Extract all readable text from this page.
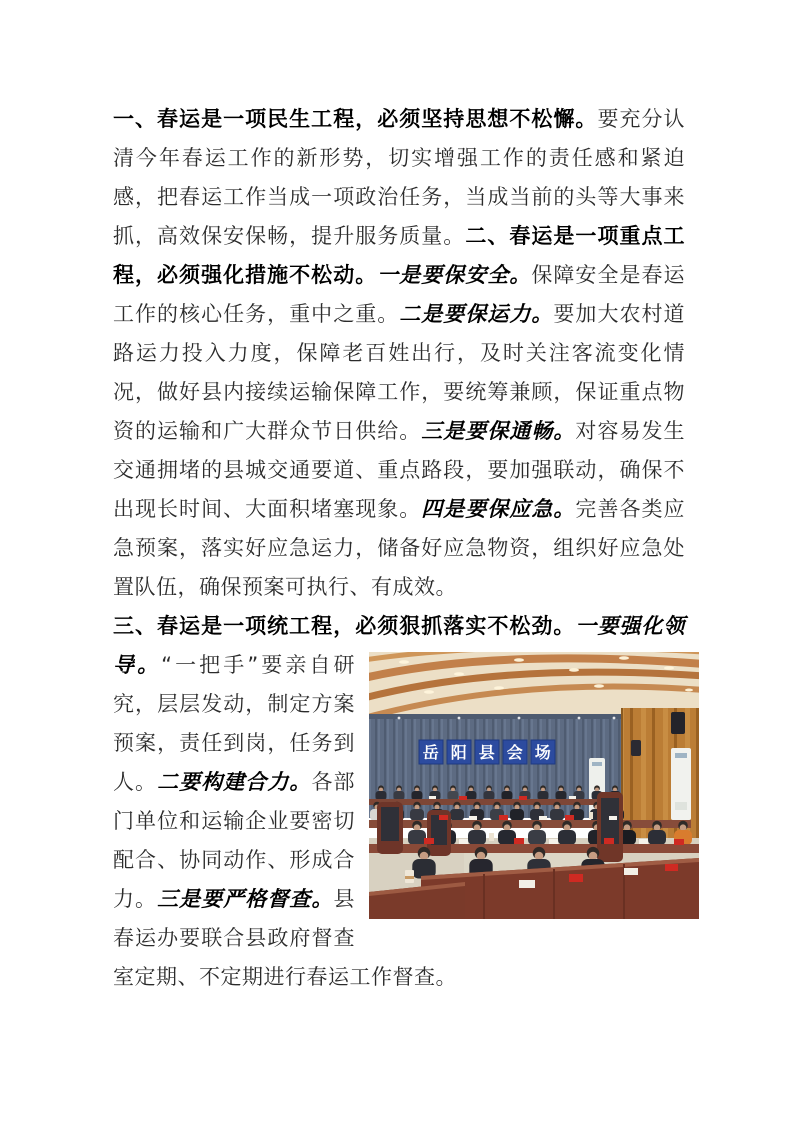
一、春运是一项民生工程，必须坚持思想不松懈。要充分认清今年春运工作的新形势，切实增强工作的责任感和紧迫感，把春运工作当成一项政治任务，当成当前的头等大事来抓，高效保安保畅，提升服务质量。二、春运是一项重点工程，必须强化措施不松动。一是要保安全。保障安全是春运工作的核心任务，重中之重。二是要保运力。要加大农村道路运力投入力度，保障老百姓出行，及时关注客流变化情况，做好县内接续运输保障工作，要统筹兼顾，保证重点物资的运输和广大群众节日供给。三是要保通畅。对容易发生交通拥堵的县城交通要道、重点路段，要加强联动，确保不出现长时间、大面积堵塞现象。四是要保应急。完善各类应急预案，落实好应急运力，储备好应急物资，组织好应急处置队伍，确保预案可执行、有成效。

三、春运是一项统工程，必须狠抓落实不松劲。一要强化领导。
岳 阳 县 会 场
“一把手”要亲自研究，层层发动，制定方案预案，责任到岗，任务到人。二要构建合力。各部门单位和运输企业要密切配合、协同动作、形成合力。三是要严格督查。县春运办要联合县政府督查室定期、不定期进行春运工作督查。
